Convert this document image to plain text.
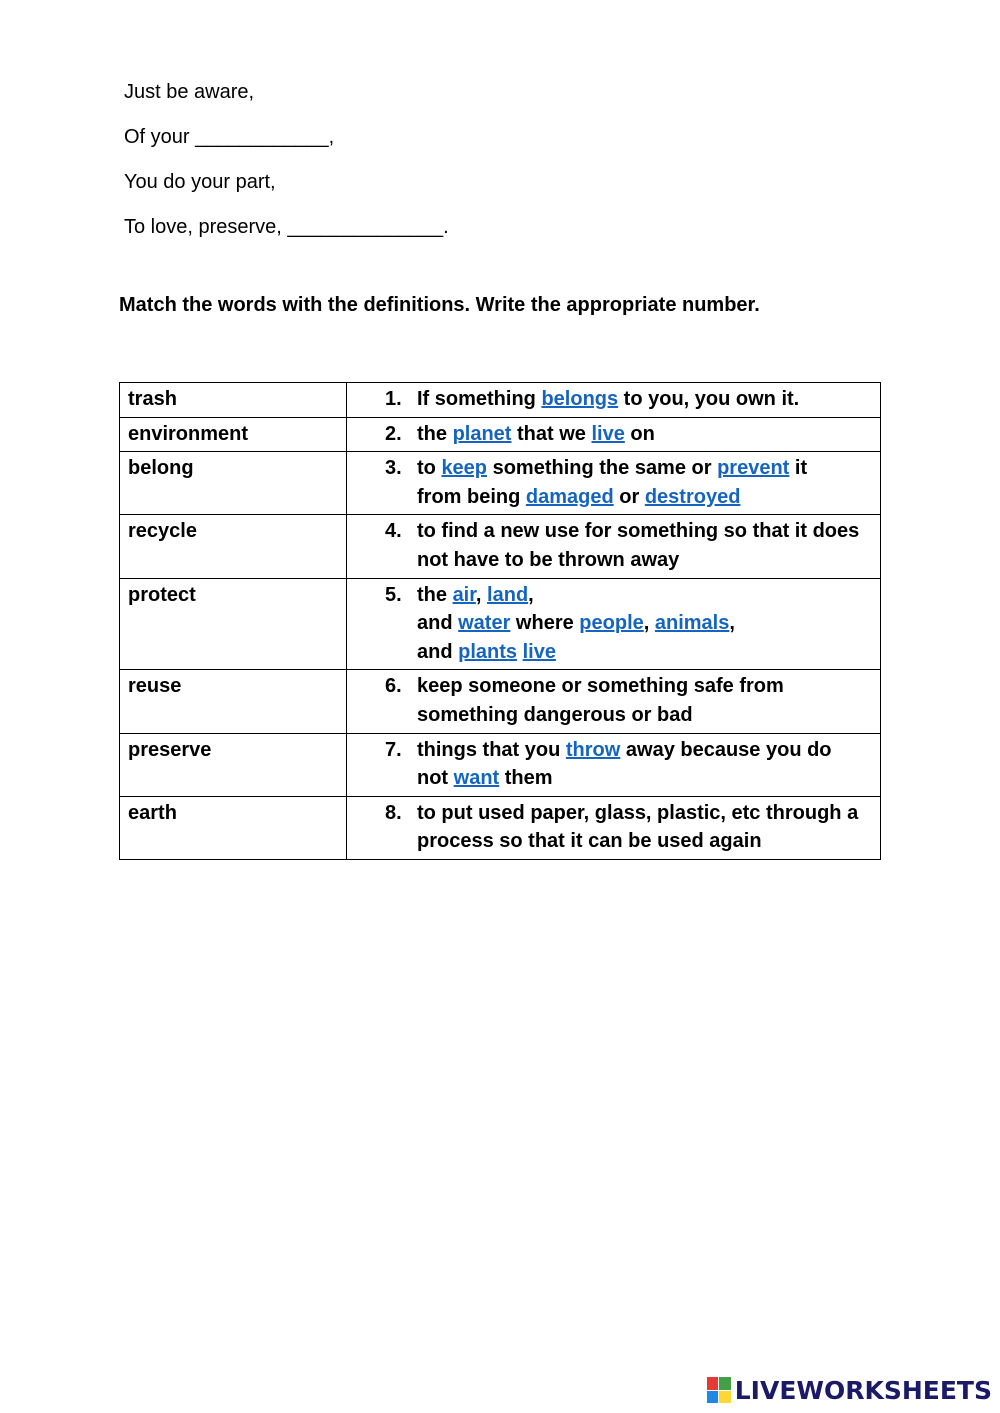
Just be aware,
Of your ____________,
You do your part,
To love, preserve, ______________.
Match the words with the definitions. Write the appropriate number.
trash	1. If something belongs to you, you own it.

environment	2. the planet that we live on

belong	3. to keep something the same or prevent it
from being damaged or destroyed

recycle	4. to find a new use for something so that it does
not have to be thrown away

protect	5. the air, land,
and water where people, animals,
and plants live

reuse	6. keep someone or something safe from
something dangerous or bad

preserve	7. things that you throw away because you do
not want them

earth	8. to put used paper, glass, plastic, etc through a
process so that it can be used again
LIVEWORKSHEETS
